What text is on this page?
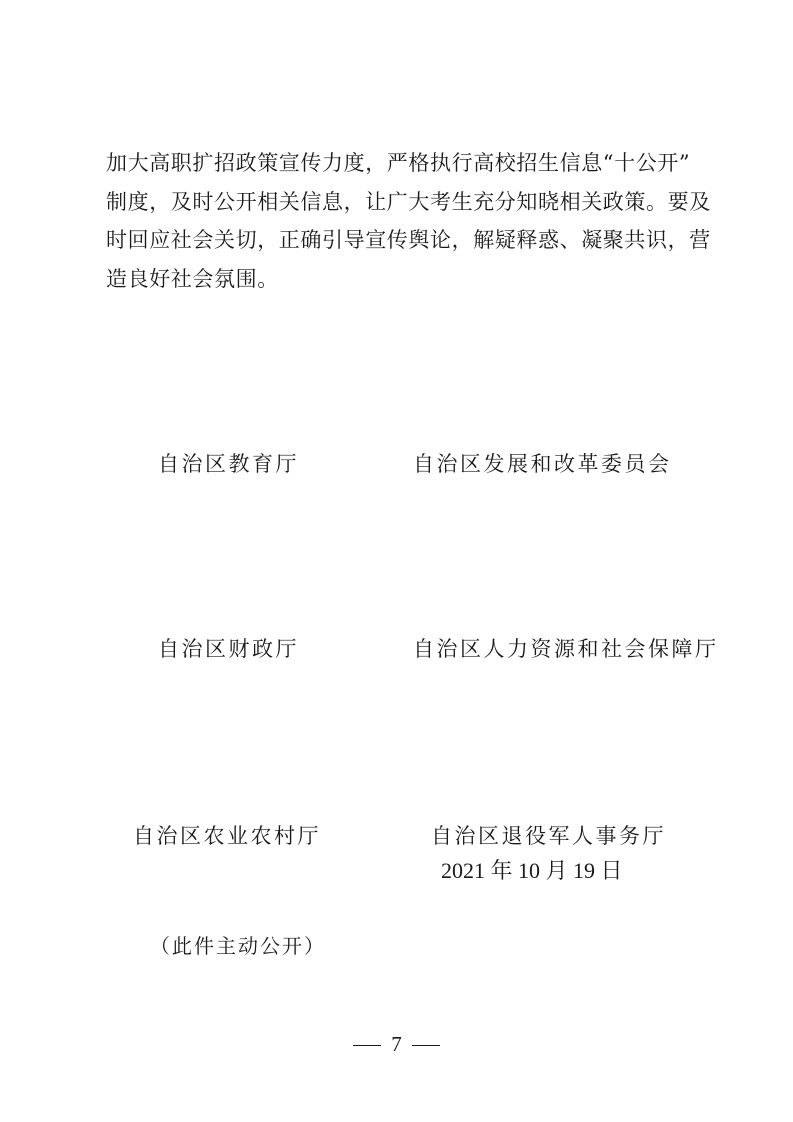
加大高职扩招政策宣传力度，严格执行高校招生信息“十公开”
制度，及时公开相关信息，让广大考生充分知晓相关政策。要及
时回应社会关切，正确引导宣传舆论，解疑释惑、凝聚共识，营
造良好社会氛围。
自治区教育厅	自治区发展和改革委员会
自治区财政厅	自治区人力资源和社会保障厅
自治区农业农村厅	自治区退役军人事务厅
2021 年 10 月 19 日
（此件主动公开）
7
